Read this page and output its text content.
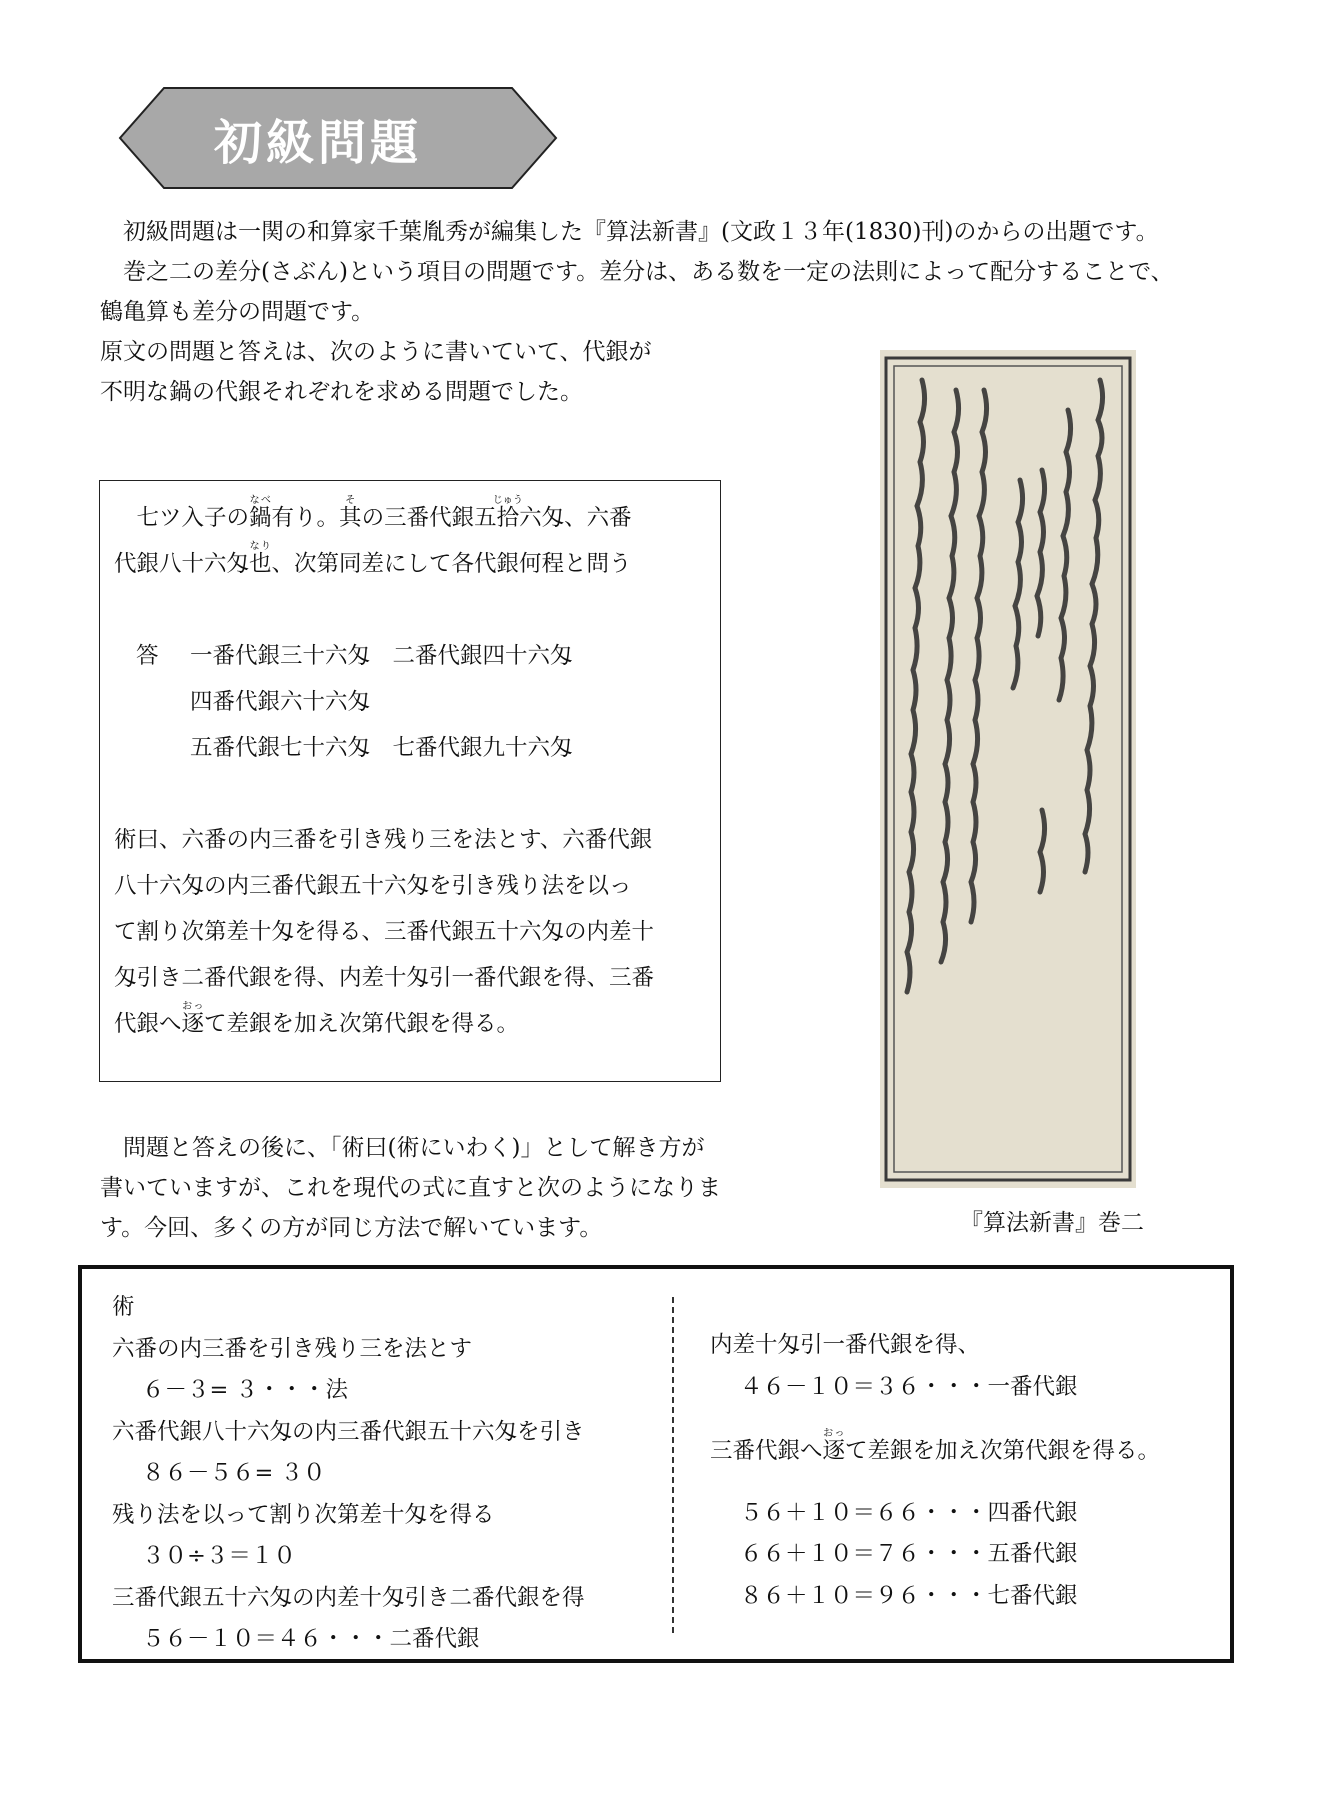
初級問題

初級問題は一関の和算家千葉胤秀が編集した『算法新書』(文政１３年(1830)刊)のからの出題です。

巻之二の差分(さぶん)という項目の問題です。差分は、ある数を一定の法則によって配分することで、鶴亀算も差分の問題です。

原文の問題と答えは、次のように書いていて、代銀が

不明な鍋の代銀それぞれを求める問題でした。

『算法新書』巻二

七ツ入子の鍋なべ有り。其その三番代銀五拾じゅう六匁、六番

代銀八十六匁也なり、次第同差にして各代銀何程と問う

答	一番代銀三十六匁　二番代銀四十六匁
四番代銀六十六匁
五番代銀七十六匁　七番代銀九十六匁

術曰、六番の内三番を引き残り三を法とす、六番代銀

八十六匁の内三番代銀五十六匁を引き残り法を以っ

て割り次第差十匁を得る、三番代銀五十六匁の内差十

匁引き二番代銀を得、内差十匁引一番代銀を得、三番

代銀へ逐おって差銀を加え次第代銀を得る。

問題と答えの後に、「術曰(術にいわく)」として解き方が

書いていますが、これを現代の式に直すと次のようになりま

す。今回、多くの方が同じ方法で解いています。

術
六番の内三番を引き残り三を法とす
６－３= ３・・・法
六番代銀八十六匁の内三番代銀五十六匁を引き
８６－５６= ３０
残り法を以って割り次第差十匁を得る
３０÷３＝１０
三番代銀五十六匁の内差十匁引き二番代銀を得
５６－１０＝４６・・・二番代銀
内差十匁引一番代銀を得、
４６－１０＝３６・・・一番代銀
三番代銀へ逐おって差銀を加え次第代銀を得る。
５６＋１０＝６６・・・四番代銀
６６＋１０＝７６・・・五番代銀
８６＋１０＝９６・・・七番代銀
